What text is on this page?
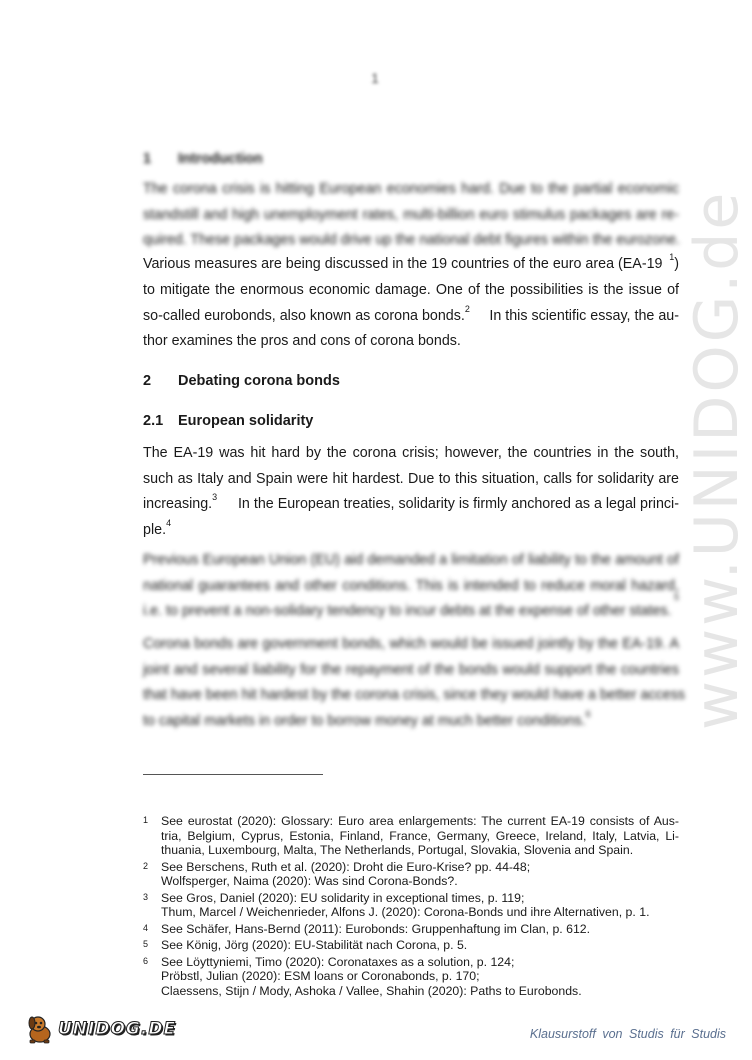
www.UNIDOG.de
1
1 Introduction
The corona crisis is hitting European economies hard. Due to the partial economic
standstill and high unemployment rates, multi-billion euro stimulus packages are re-
quired. These packages would drive up the national debt figures within the eurozone.
Various measures are being discussed in the 19 countries of the euro area (EA-19 $^1$)
to mitigate the enormous economic damage. One of the possibilities is the issue of
so-called eurobonds, also known as corona bonds.$^2$ In this scientific essay, the au-
thor examines the pros and cons of corona bonds.
2 Debating corona bonds
2.1 European solidarity
The EA-19 was hit hard by the corona crisis; however, the countries in the south,
such as Italy and Spain were hit hardest. Due to this situation, calls for solidarity are
increasing.$^3$ In the European treaties, solidarity is firmly anchored as a legal princi-
ple.$^4$
Previous European Union (EU) aid demanded a limitation of liability to the amount of
national guarantees and other conditions. This is intended to reduce moral hazard,
i.e. to prevent a non-solidary tendency to incur debts at the expense of other states.
$^5$
Corona bonds are government bonds, which would be issued jointly by the EA-19. A
joint and several liability for the repayment of the bonds would support the countries
that have been hit hardest by the corona crisis, since they would have a better access
to capital markets in order to borrow money at much better conditions.$^6$
1	See eurostat (2020): Glossary: Euro area enlargements: The current EA-19 consists of Aus-
tria, Belgium, Cyprus, Estonia, Finland, France, Germany, Greece, Ireland, Italy, Latvia, Li-
thuania, Luxembourg, Malta, The Netherlands, Portugal, Slovakia, Slovenia and Spain.
2	See Berschens, Ruth et al. (2020): Droht die Euro-Krise? pp. 44-48;
Wolfsperger, Naima (2020): Was sind Corona-Bonds?.
3	See Gros, Daniel (2020): EU solidarity in exceptional times, p. 119;
Thum, Marcel / Weichenrieder, Alfons J. (2020): Corona-Bonds und ihre Alternativen, p. 1.
4	See Schäfer, Hans-Bernd (2011): Eurobonds: Gruppenhaftung im Clan, p. 612.
5	See König, Jörg (2020): EU-Stabilität nach Corona, p. 5.
6	See Löyttyniemi, Timo (2020): Coronataxes as a solution, p. 124;
Pröbstl, Julian (2020): ESM loans or Coronabonds, p. 170;
Claessens, Stijn / Mody, Ashoka / Vallee, Shahin (2020): Paths to Eurobonds.
UNIDOG.DE	Klausurstoff von Studis für Studis
